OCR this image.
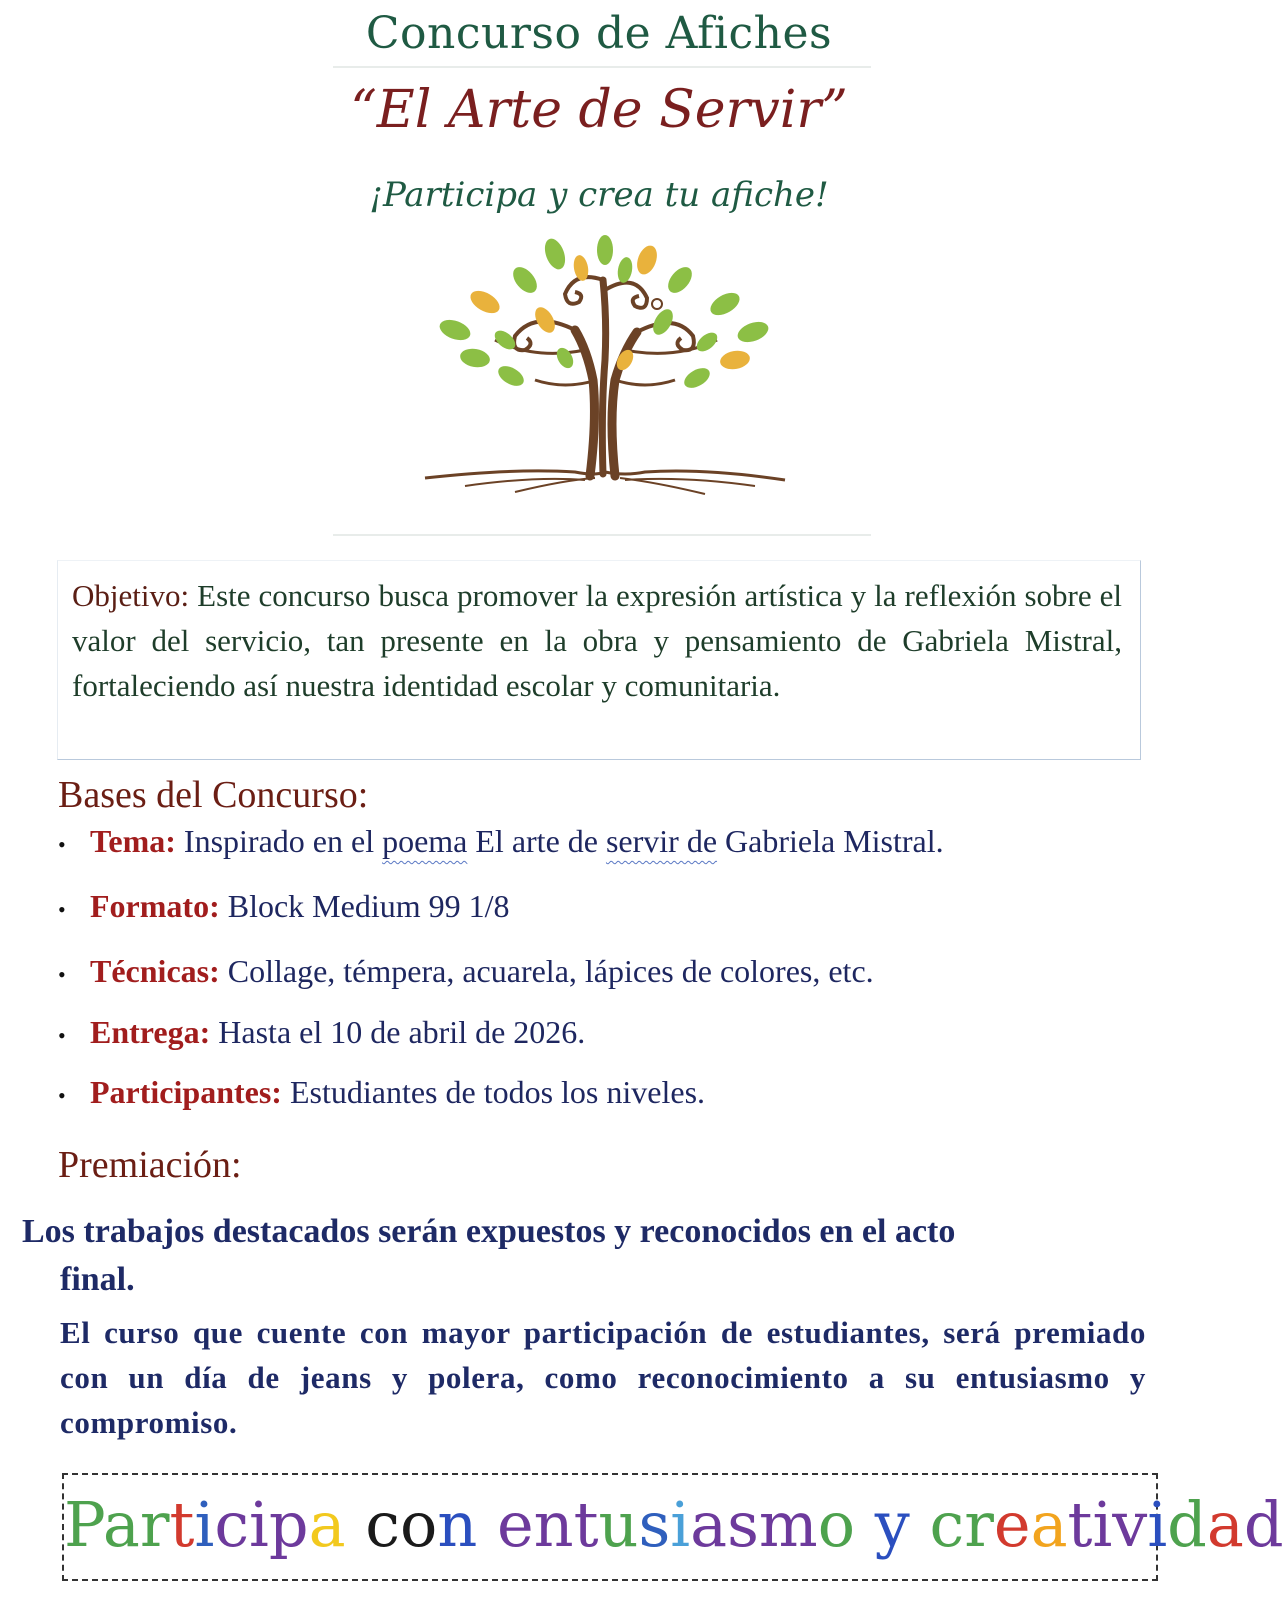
Concurso de Afiches
“El Arte de Servir”
¡Participa y crea tu afiche!
Objetivo: Este concurso busca promover la expresión artística y la reflexión sobre el valor del servicio, tan presente en la obra y pensamiento de Gabriela Mistral, fortaleciendo así nuestra identidad escolar y comunitaria.
Bases del Concurso:
• Tema: Inspirado en el poema El arte de servir de Gabriela Mistral.
• Formato: Block Medium 99 1/8
• Técnicas: Collage, témpera, acuarela, lápices de colores, etc.
• Entrega: Hasta el 10 de abril de 2026.
• Participantes: Estudiantes de todos los niveles.
Premiación:
Los trabajos destacados serán expuestos y reconocidos en el acto
final.
El curso que cuente con mayor participación de estudiantes, será premiado con un día de jeans y polera, como reconocimiento a su entusiasmo y compromiso.
Participa con entusiasmo y creatividad
